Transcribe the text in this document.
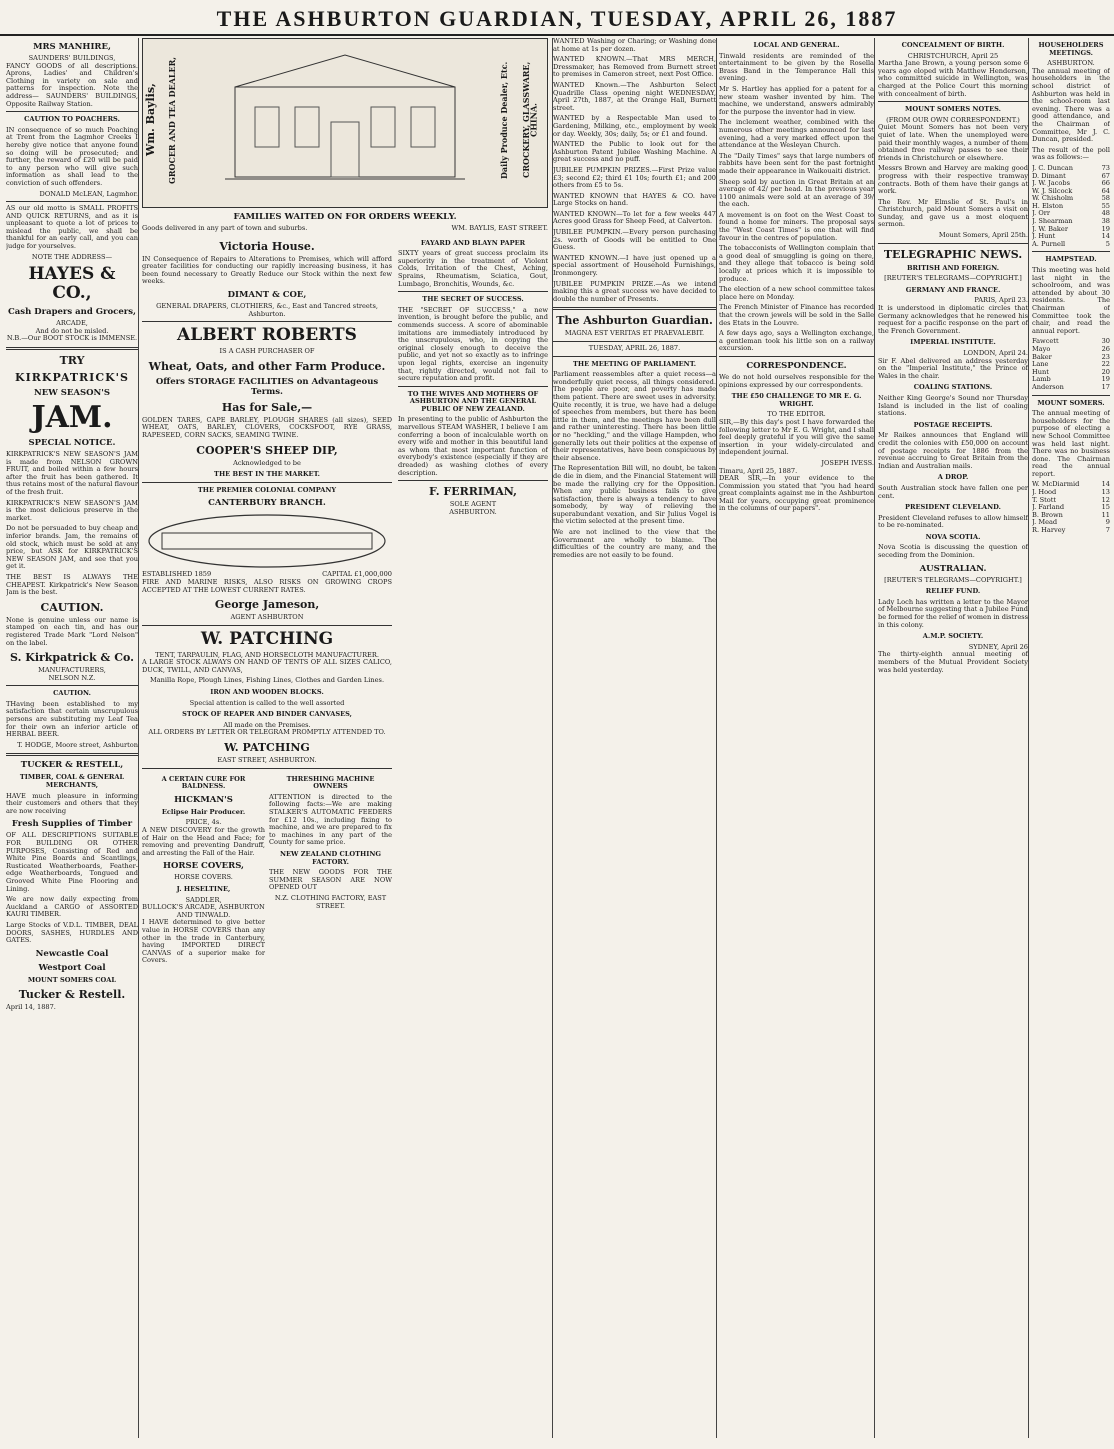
THE ASHBURTON GUARDIAN, TUESDAY, APRIL 26, 1887
MRS MANHIRE,
SAUNDERS' BUILDINGS,

FANCY GOODS of all descriptions. Aprons, Ladies' and Children's Clothing in variety on sale and patterns for inspection. Note the address— SAUNDERS' BUILDINGS, Opposite Railway Station.

CAUTION TO POACHERS.

IN consequence of so much Poaching at Trent from the Lagmhor Creeks I hereby give notice that anyone found so doing will be prosecuted; and further, the reward of £20 will be paid to any person who will give such information as shall lead to the conviction of such offenders.

DONALD McLEAN, Lagmhor.

AS our old motto is SMALL PROFITS AND QUICK RETURNS, and as it is unpleasant to quote a lot of prices to mislead the public, we shall be thankful for an early call, and you can judge for yourselves.

NOTE THE ADDRESS—
HAYES & CO.,
Cash Drapers and Grocers,
ARCADE,
And do not be misled.
N.B.—Our BOOT STOCK is IMMENSE.
TRY
KIRKPATRICK'S
NEW SEASON'S
JAM.
SPECIAL NOTICE.

KIRKPATRICK'S NEW SEASON'S JAM is made from NELSON GROWN FRUIT, and boiled within a few hours after the fruit has been gathered. It thus retains most of the natural flavour of the fresh fruit.

KIRKPATRICK'S NEW SEASON'S JAM is the most delicious preserve in the market.

Do not be persuaded to buy cheap and inferior brands. Jam, the remains of old stock, which must be sold at any price, but ASK for KIRKPATRICK'S NEW SEASON JAM, and see that you get it.

THE BEST IS ALWAYS THE CHEAPEST. Kirkpatrick's New Season Jam is the best.

CAUTION.

None is genuine unless our name is stamped on each tin, and has our registered Trade Mark "Lord Nelson" on the label.

S. Kirkpatrick & Co.
MANUFACTURERS,
NELSON N.Z.
CAUTION.

THaving been established to my satisfaction that certain unscrupulous persons are substituting my Leaf Tea for their own an inferior article of HERBAL BEER.

T. HODGE, Moore street, Ashburton
TUCKER & RESTELL,
TIMBER, COAL & GENERAL MERCHANTS,

HAVE much pleasure in informing their customers and others that they are now receiving

Fresh Supplies of Timber

OF ALL DESCRIPTIONS SUITABLE FOR BUILDING OR OTHER PURPOSES, Consisting of Red and White Pine Boards and Scantlings, Rusticated Weatherboards, Feather-edge Weatherboards, Tongued and Grooved White Pine Flooring and Lining.

We are now daily expecting from Auckland a CARGO of ASSORTED KAURI TIMBER.

Large Stocks of V.D.L. TIMBER, DEAL DOORS, SASHES, HURDLES AND GATES.

Newcastle Coal
Westport Coal
MOUNT SOMERS COAL
Tucker & Restell.
April 14, 1887.
Wm. Baylis,	GROCER AND TEA DEALER,	Daily Produce Dealer, Etc.	CROCKERY, GLASSWARE, CHINA.
FAMILIES WAITED ON FOR ORDERS WEEKLY.
Goods delivered in any part of town and suburbs.	WM. BAYLIS, EAST STREET.
Victoria House.

IN Consequence of Repairs to Alterations to Premises, which will afford greater facilities for conducting our rapidly increasing business, it has been found necessary to Greatly Reduce our Stock within the next few weeks.

DIMANT & COE,
GENERAL DRAPERS, CLOTHIERS, &c., East and Tancred streets, Ashburton.
ALBERT ROBERTS
IS A CASH PURCHASER OF
Wheat, Oats, and other Farm Produce.
Offers STORAGE FACILITIES on Advantageous Terms.
Has for Sale,—

GOLDEN TARES, CAPE BARLEY, PLOUGH SHARES (all sizes), SEED WHEAT, OATS, BARLEY, CLOVERS, COCKSFOOT, RYE GRASS, RAPESEED, CORN SACKS, SEAMING TWINE.

COOPER'S SHEEP DIP,
Acknowledged to be
THE BEST IN THE MARKET.
THE PREMIER COLONIAL COMPANY
CANTERBURY BRANCH.
ESTABLISHED 1859	CAPITAL £1,000,000

FIRE AND MARINE RISKS, ALSO RISKS ON GROWING CROPS ACCEPTED AT THE LOWEST CURRENT RATES.

George Jameson,
AGENT ASHBURTON
W. PATCHING
TENT, TARPAULIN, FLAG, AND HORSECLOTH MANUFACTURER.

A LARGE STOCK ALWAYS ON HAND OF TENTS OF ALL SIZES CALICO, DUCK, TWILL, AND CANVAS,

Manilla Rope, Plough Lines, Fishing Lines, Clothes and Garden Lines.
IRON AND WOODEN BLOCKS.
Special attention is called to the well assorted
STOCK OF REAPER AND BINDER CANVASES,
All made on the Premises.
ALL ORDERS BY LETTER OR TELEGRAM PROMPTLY ATTENDED TO.
W. PATCHING
EAST STREET, ASHBURTON.
A CERTAIN CURE FOR BALDNESS.
HICKMAN'S
Eclipse Hair Producer.
PRICE, 4s.

A NEW DISCOVERY for the growth of Hair on the Head and Face; for removing and preventing Dandruff, and arresting the Fall of the Hair.

HORSE COVERS,
HORSE COVERS.
J. HESELTINE,
SADDLER,
BULLOCK'S ARCADE, ASHBURTON AND TINWALD.

I HAVE determined to give better value in HORSE COVERS than any other in the trade in Canterbury, having IMPORTED DIRECT CANVAS of a superior make for Covers.

THRESHING MACHINE OWNERS

ATTENTION is directed to the following facts:—We are making STALKER'S AUTOMATIC FEEDERS for £12 10s., including fixing to machine, and we are prepared to fix to machines in any part of the County for same price.

NEW ZEALAND CLOTHING FACTORY.

THE NEW GOODS FOR THE SUMMER SEASON ARE NOW OPENED OUT

N.Z. CLOTHING FACTORY, EAST STREET.
FAYARD AND BLAYN PAPER

SIXTY years of great success proclaim its superiority in the treatment of Violent Colds, Irritation of the Chest, Aching, Sprains, Rheumatism, Sciatica, Gout, Lumbago, Bronchitis, Wounds, &c.

THE SECRET OF SUCCESS.

THE "SECRET OF SUCCESS," a new invention, is brought before the public, and commends success. A score of abominable imitations are immediately introduced by the unscrupulous, who, in copying the original closely enough to deceive the public, and yet not so exactly as to infringe upon legal rights, exercise an ingenuity that, rightly directed, would not fail to secure reputation and profit.

TO THE WIVES AND MOTHERS OF ASHBURTON AND THE GENERAL PUBLIC OF NEW ZEALAND.

In presenting to the public of Ashburton the marvellous STEAM WASHER, I believe I am conferring a boon of incalculable worth on every wife and mother in this beautiful land as whom that most important function of everybody's existence (especially if they are dreaded) as washing clothes of every description.

F. FERRIMAN,
SOLE AGENT
ASHBURTON.

WANTED Washing or Charing; or Washing done at home at 1s per dozen.

WANTED KNOWN.—That MRS MERCH, Dressmaker, has Removed from Burnett street to premises in Cameron street, next Post Office.

WANTED Known.—The Ashburton Select Quadrille Class opening night WEDNESDAY, April 27th, 1887, at the Orange Hall, Burnett street.

WANTED by a Respectable Man used to Gardening, Milking, etc., employment by week or day. Weekly, 30s; daily, 5s; or £1 and found.

WANTED the Public to look out for the Ashburton Patent Jubilee Washing Machine. A great success and no puff.

JUBILEE PUMPKIN PRIZES.—First Prize value £3; second £2; third £1 10s; fourth £1; and 200 others from £5 to 5s.

WANTED KNOWN that HAYES & CO. have Large Stocks on hand.

WANTED KNOWN—To let for a few weeks 447 Acres good Grass for Sheep Feed, at Calverton.

JUBILEE PUMPKIN.—Every person purchasing 2s. worth of Goods will be entitled to One Guess.

WANTED KNOWN.—I have just opened up a special assortment of Household Furnishings, Ironmongery.

JUBILEE PUMPKIN PRIZE.—As we intend making this a great success we have decided to double the number of Presents.

The Ashburton Guardian.
MAGNA EST VERITAS ET PRAEVALEBIT.
TUESDAY, APRIL 26, 1887.
THE MEETING OF PARLIAMENT.

Parliament reassembles after a quiet recess—a wonderfully quiet recess, all things considered. The people are poor, and poverty has made them patient. There are sweet uses in adversity. Quite recently, it is true, we have had a deluge of speeches from members, but there has been little in them, and the meetings have been dull and rather uninteresting. There has been little or no "heckling," and the village Hampden, who generally lets out their politics at the expense of their representatives, have been conspicuous by their absence.

The Representation Bill will, no doubt, be taken de die in diem, and the Financial Statement will be made the rallying cry for the Opposition. When any public business fails to give satisfaction, there is always a tendency to have somebody, by way of relieving the superabundant vexation, and Sir Julius Vogel is the victim selected at the present time.

We are not inclined to the view that the Government are wholly to blame. The difficulties of the country are many, and the remedies are not easily to be found.

LOCAL AND GENERAL.

Tinwald residents are reminded of the entertainment to be given by the Rosella Brass Band in the Temperance Hall this evening.

Mr S. Hartley has applied for a patent for a new steam washer invented by him. The machine, we understand, answers admirably for the purpose the inventor had in view.

The inclement weather, combined with the numerous other meetings announced for last evening, had a very marked effect upon the attendance at the Wesleyan Church.

The "Daily Times" says that large numbers of rabbits have been sent for the past fortnight made their appearance in Waikouaiti district.

Sheep sold by auction in Great Britain at an average of 42/ per head. In the previous year 1100 animals were sold at an average of 39/ the each.

A movement is on foot on the West Coast to found a home for miners. The proposal says the "West Coast Times" is one that will find favour in the centres of population.

The tobacconists of Wellington complain that a good deal of smuggling is going on there, and they allege that tobacco is being sold locally at prices which it is impossible to produce.

The election of a new school committee takes place here on Monday.

The French Minister of Finance has recorded that the crown jewels will be sold in the Salle des Etats in the Louvre.

A few days ago, says a Wellington exchange, a gentleman took his little son on a railway excursion.

CORRESPONDENCE.

We do not hold ourselves responsible for the opinions expressed by our correspondents.

THE £50 CHALLENGE TO MR E. G. WRIGHT.
TO THE EDITOR.

SIR,—By this day's post I have forwarded the following letter to Mr E. G. Wright, and I shall feel deeply grateful if you will give the same insertion in your widely-circulated and independent journal.

JOSEPH IVESS.
Timaru, April 25, 1887.

DEAR SIR,—In your evidence to the Commission you stated that "you had heard great complaints against me in the Ashburton Mail for years, occupying great prominence in the columns of our papers".

CONCEALMENT OF BIRTH.
CHRISTCHURCH, April 25

Martha Jane Brown, a young person some 6 years ago eloped with Matthew Henderson, who committed suicide in Wellington, was charged at the Police Court this morning with concealment of birth.

MOUNT SOMERS NOTES.
(FROM OUR OWN CORRESPONDENT.)

Quiet Mount Somers has not been very quiet of late. When the unemployed were paid their monthly wages, a number of them obtained free railway passes to see their friends in Christchurch or elsewhere.

Messrs Brown and Harvey are making good progress with their respective tramway contracts. Both of them have their gangs at work.

The Rev. Mr Elmslie of St. Paul's in Christchurch, paid Mount Somers a visit on Sunday, and gave us a most eloquent sermon.

Mount Somers, April 25th.
TELEGRAPHIC NEWS.
BRITISH AND FOREIGN.
[REUTER'S TELEGRAMS—COPYRIGHT.]
GERMANY AND FRANCE.
PARIS, April 23.

It is understood in diplomatic circles that Germany acknowledges that he renewed his request for a pacific response on the part of the French Government.

IMPERIAL INSTITUTE.
LONDON, April 24.

Sir F. Abel delivered an address yesterday on the "Imperial Institute," the Prince of Wales in the chair.

COALING STATIONS.

Neither King George's Sound nor Thursday Island is included in the list of coaling stations.

POSTAGE RECEIPTS.

Mr Raikes announces that England will credit the colonies with £50,000 on account of postage receipts for 1886 from the revenue accruing to Great Britain from the Indian and Australian mails.

A DROP.

South Australian stock have fallen one per cent.

PRESIDENT CLEVELAND.

President Cleveland refuses to allow himself to be re-nominated.

NOVA SCOTIA.

Nova Scotia is discussing the question of seceding from the Dominion.

AUSTRALIAN.
[REUTER'S TELEGRAMS—COPYRIGHT.]
RELIEF FUND.

Lady Loch has written a letter to the Mayor of Melbourne suggesting that a Jubilee Fund be formed for the relief of women in distress in this colony.

A.M.P. SOCIETY.
SYDNEY, April 26

The thirty-eighth annual meeting of members of the Mutual Provident Society was held yesterday.

HOUSEHOLDERS MEETINGS.
ASHBURTON.

The annual meeting of householders in the school district of Ashburton was held in the school-room last evening. There was a good attendance, and the Chairman of Committee, Mr J. C. Duncan, presided.

The result of the poll was as follows:—

J. C. Duncan	73
D. Dimant	67
J. W. Jacobs	66
W. J. Silcock	64
W. Chisholm	58
H. Elston	55
J. Orr	48
J. Shearman	38
J. W. Baker	19
J. Hunt	14
A. Purnell	5
HAMPSTEAD.

This meeting was held last night in the schoolroom, and was attended by about 30 residents. The Chairman of Committee took the chair, and read the annual report.

Fawcett	30
Mayo	26
Baker	23
Lane	22
Hunt	20
Lamb	19
Anderson	17
MOUNT SOMERS.

The annual meeting of householders for the purpose of electing a new School Committee was held last night. There was no business done. The Chairman read the annual report.

W. McDiarmid	14
J. Hood	13
T. Stott	12
J. Farland	15
B. Brown	11
J. Mead	9
R. Harvey	7
